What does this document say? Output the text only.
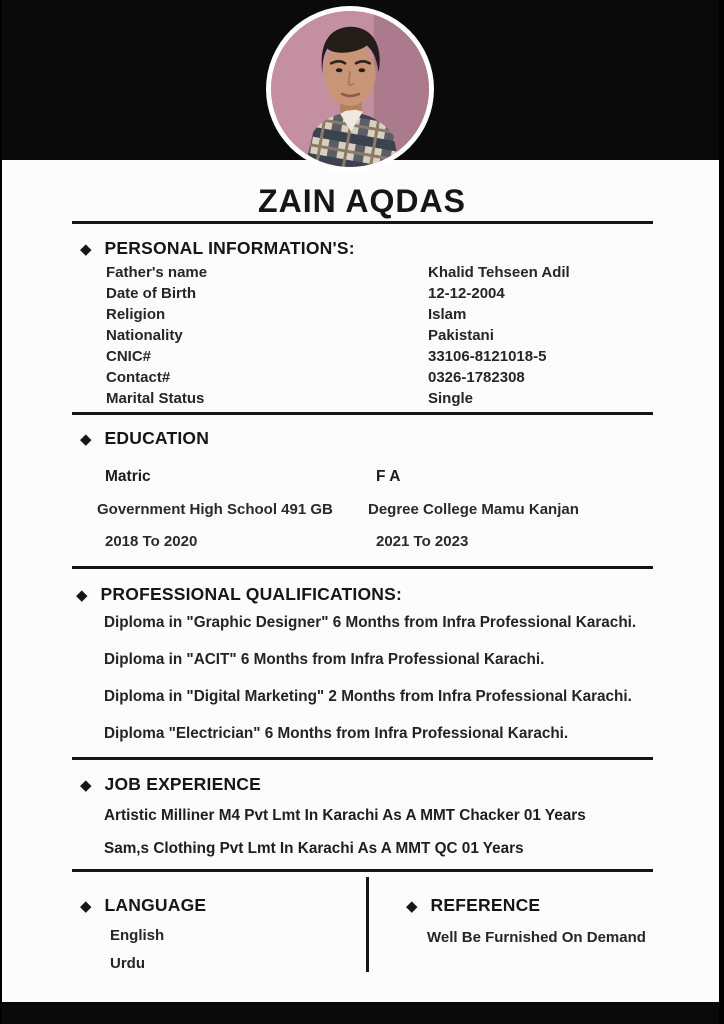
ZAIN AQDAS
◆ PERSONAL INFORMATION'S:
Father's name	Khalid Tehseen Adil
Date of Birth	12-12-2004
Religion	Islam
Nationality	Pakistani
CNIC#	33106-8121018-5
Contact#	0326-1782308
Marital Status	Single
◆ EDUCATION
Matric	F A
Government High School 491 GB	Degree College Mamu Kanjan
2018 To 2020	2021 To 2023
◆ PROFESSIONAL QUALIFICATIONS:
Diploma in "Graphic Designer" 6 Months from Infra Professional Karachi.
Diploma in "ACIT" 6 Months from Infra Professional Karachi.
Diploma in "Digital Marketing" 2 Months from Infra Professional Karachi.
Diploma "Electrician" 6 Months from Infra Professional Karachi.
◆ JOB EXPERIENCE
Artistic Milliner M4 Pvt Lmt In Karachi As A MMT Chacker 01 Years
Sam,s Clothing Pvt Lmt In Karachi As A MMT QC 01 Years
◆ LANGUAGE
English
Urdu
◆ REFERENCE
Well Be Furnished On Demand
